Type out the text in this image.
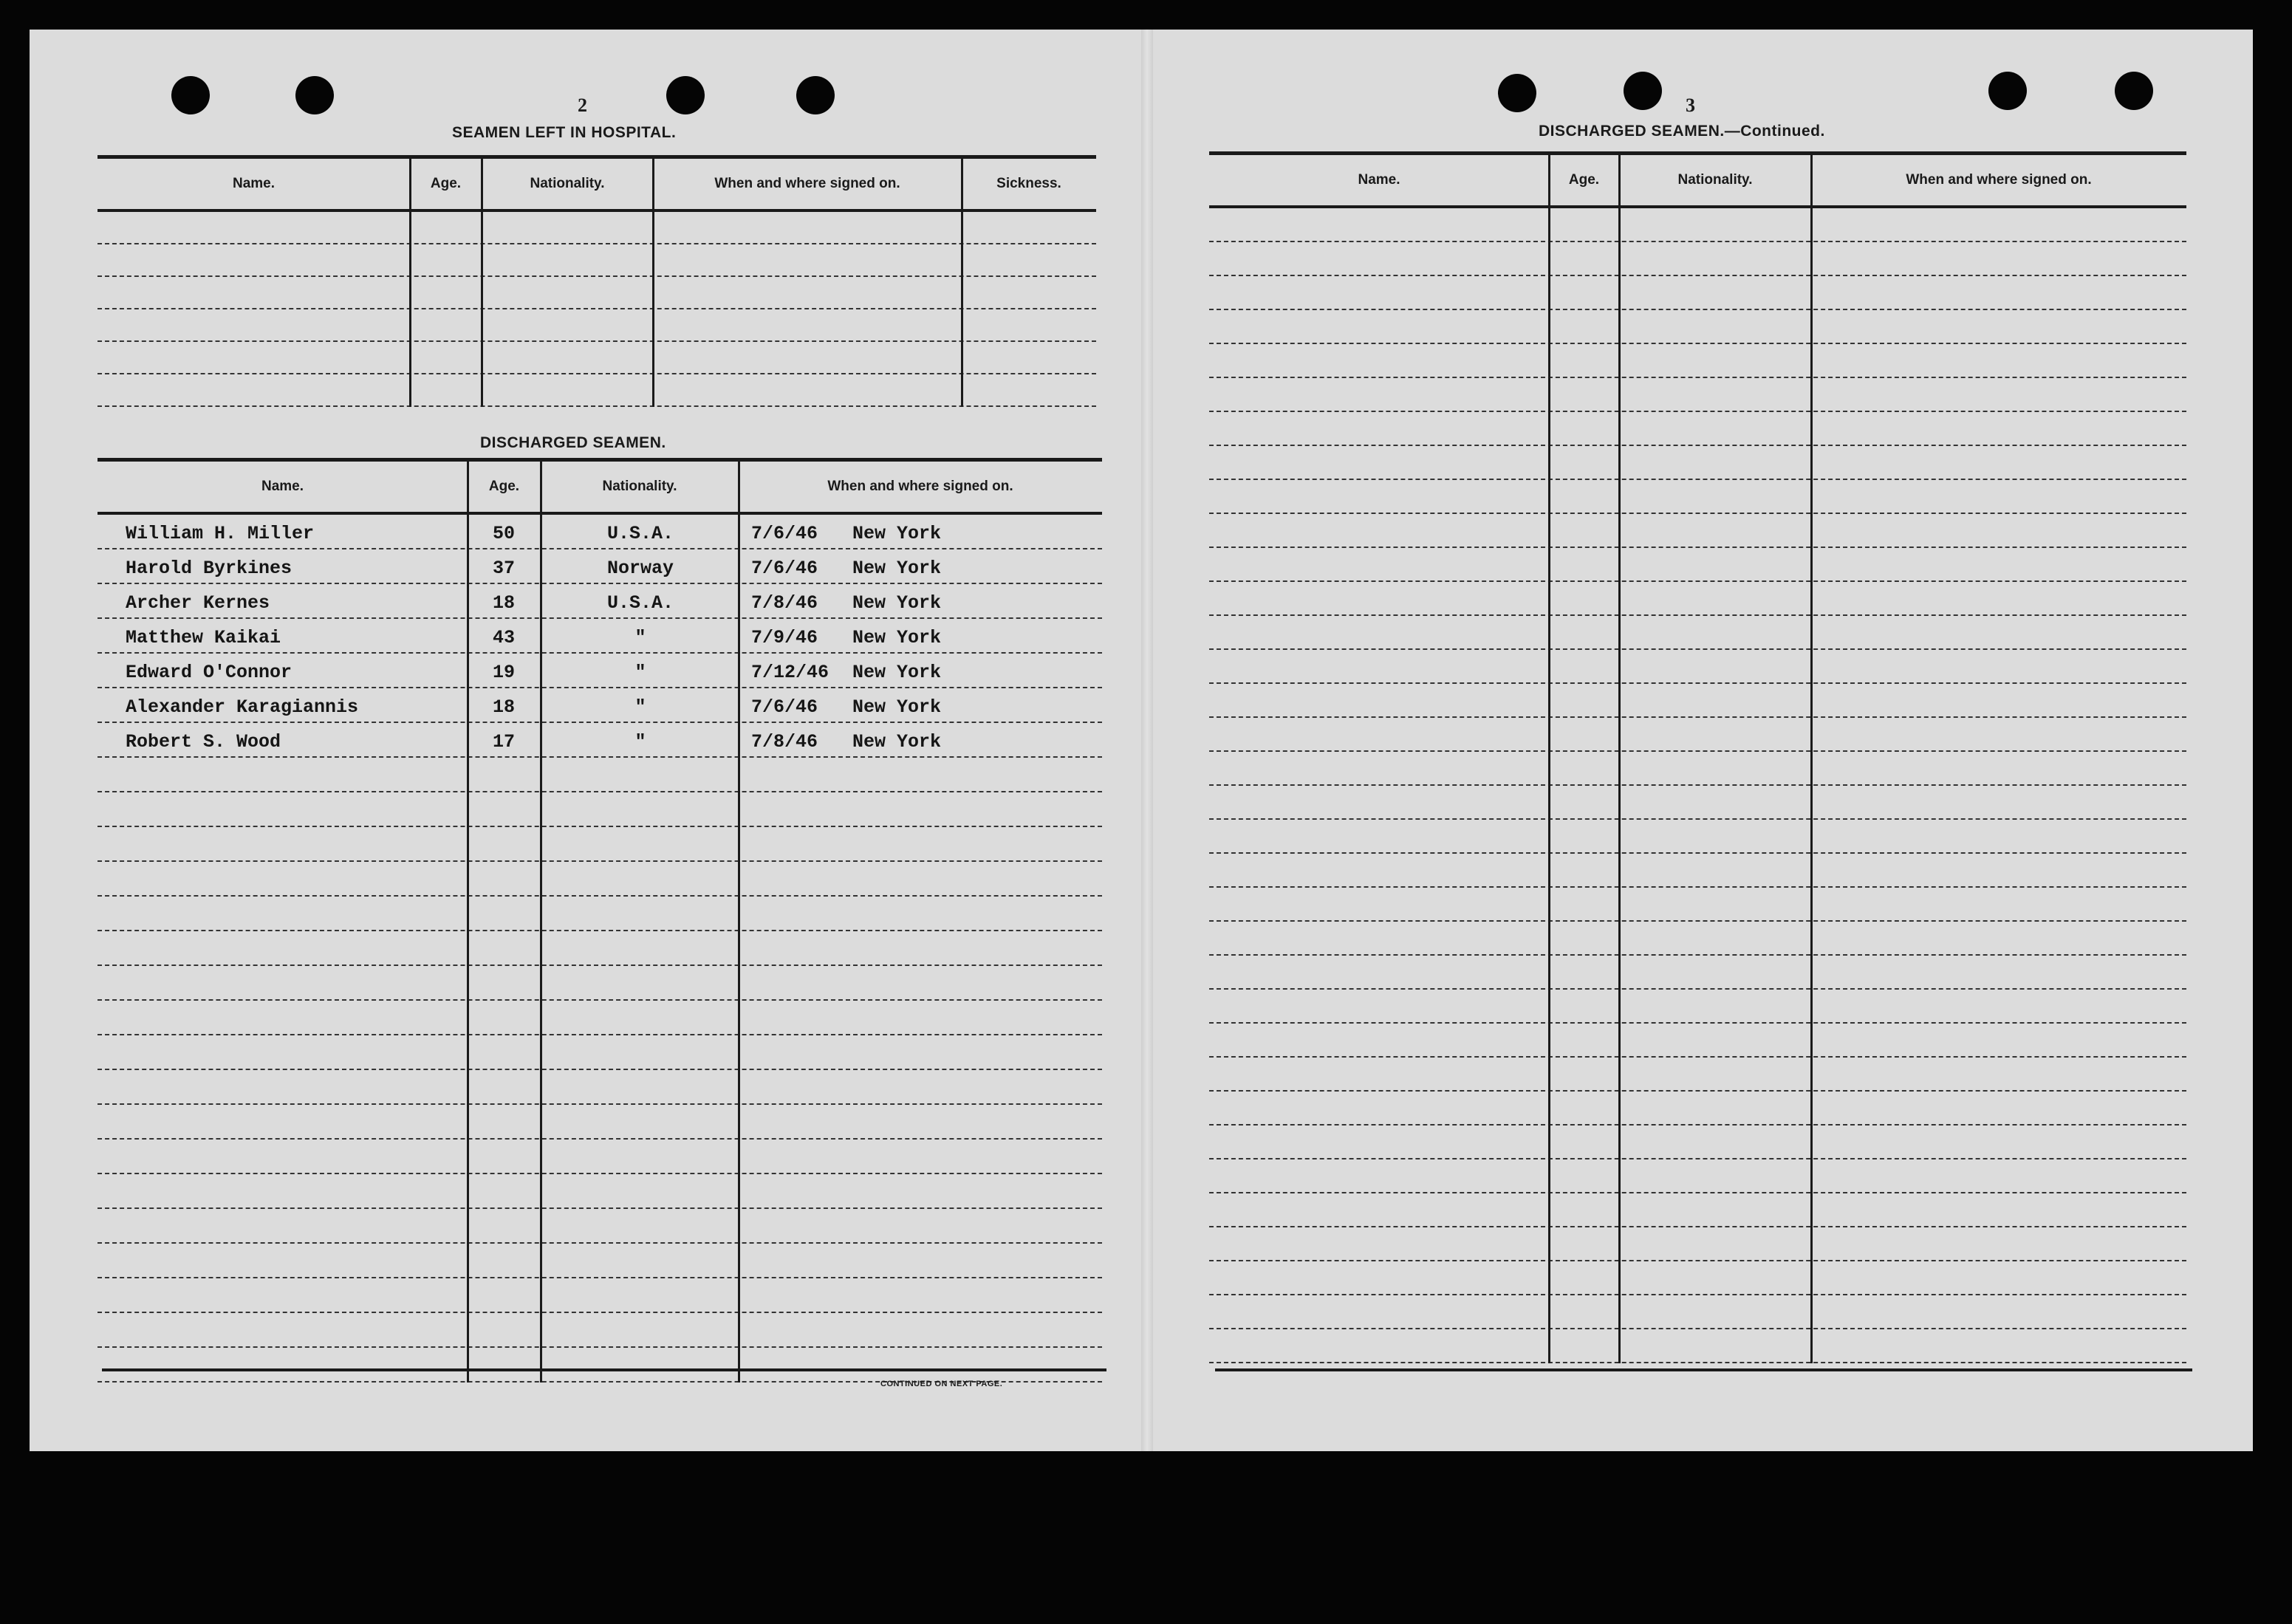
2
SEAMEN LEFT IN HOSPITAL.
Name.	Age.	Nationality.	When and where signed on.	Sickness.
DISCHARGED SEAMEN.
Name.	Age.	Nationality.	When and where signed on.
William H. Miller	50	U.S.A.	7/6/46	New York
Harold Byrkines	37	Norway	7/6/46	New York
Archer Kernes	18	U.S.A.	7/8/46	New York
Matthew Kaikai	43	"	7/9/46	New York
Edward O'Connor	19	"	7/12/46	New York
Alexander Karagiannis	18	"	7/6/46	New York
Robert S. Wood	17	"	7/8/46	New York
CONTINUED ON NEXT PAGE.
3
DISCHARGED SEAMEN.—Continued.
Name.	Age.	Nationality.	When and where signed on.
